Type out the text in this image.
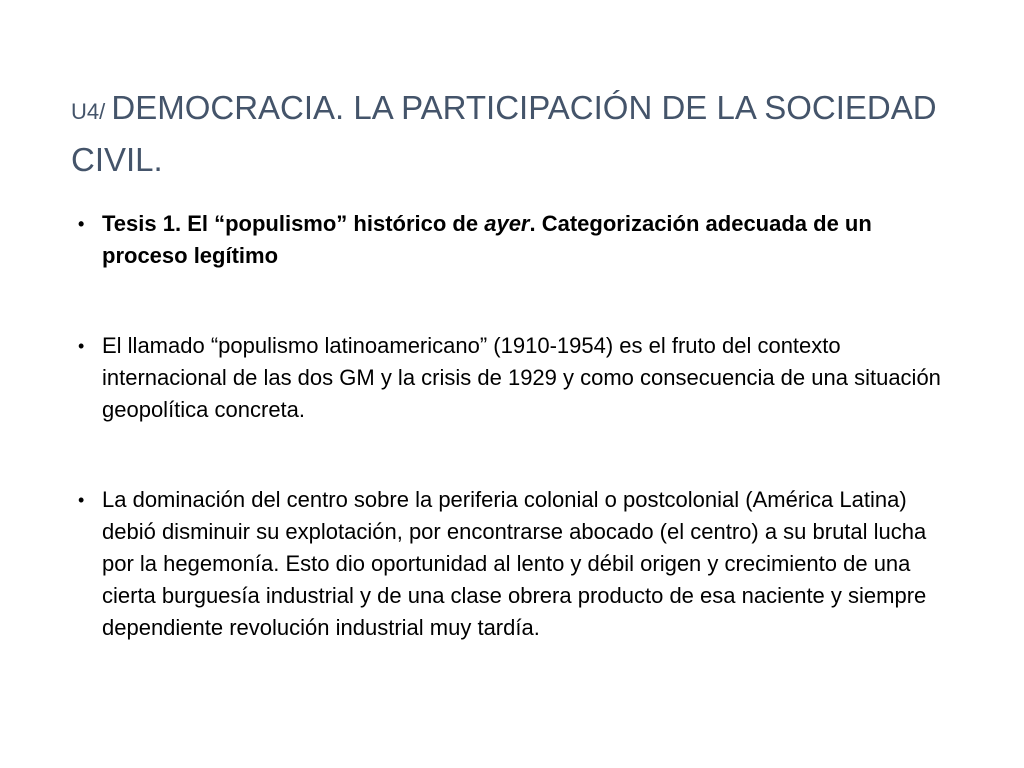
U4/ DEMOCRACIA. LA PARTICIPACIÓN DE LA SOCIEDAD CIVIL.
• Tesis 1. El “populismo” histórico de ayer. Categorización adecuada de un proceso legítimo
• El llamado “populismo latinoamericano” (1910-1954) es el fruto del contexto internacional de las dos GM y la crisis de 1929 y como consecuencia de una situación geopolítica concreta.
• La dominación del centro sobre la periferia colonial o postcolonial (América Latina) debió disminuir su explotación, por encontrarse abocado (el centro) a su brutal lucha por la hegemonía. Esto dio oportunidad al lento y débil origen y crecimiento de una cierta burguesía industrial y de una clase obrera producto de esa naciente y siempre dependiente revolución industrial muy tardía.
